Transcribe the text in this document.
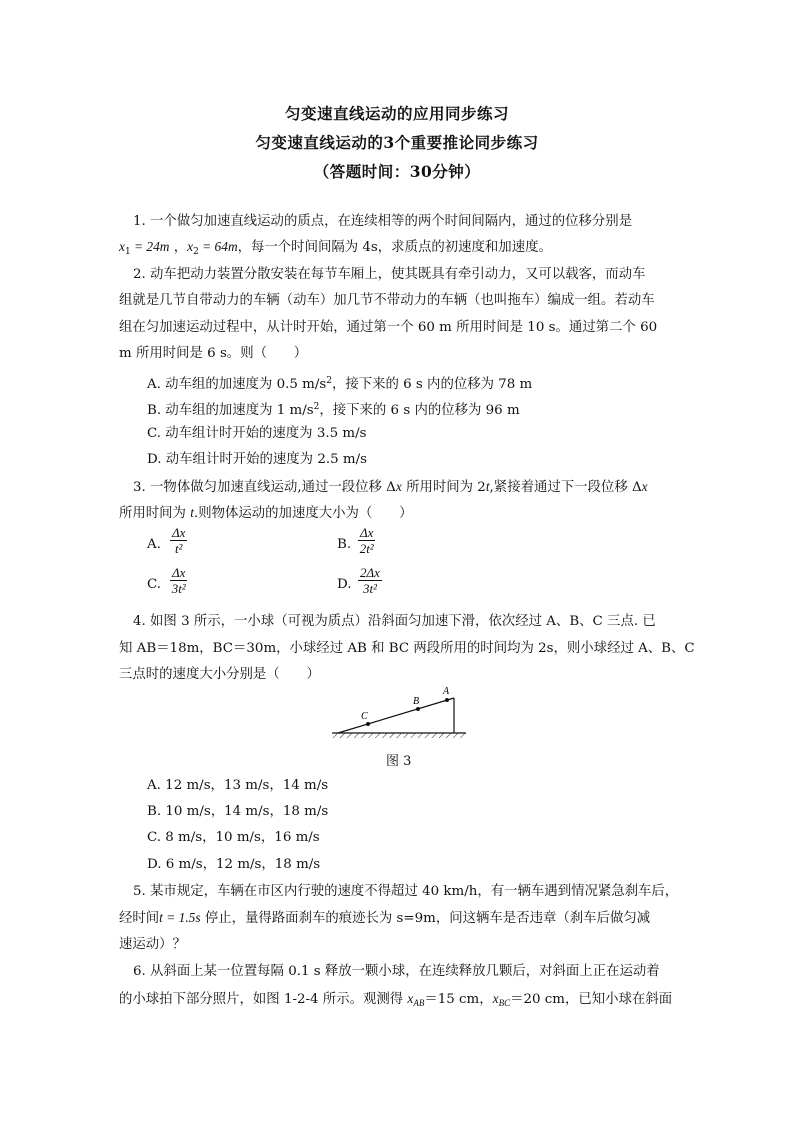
匀变速直线运动的应用同步练习
匀变速直线运动的3个重要推论同步练习
（答题时间：30分钟）
1. 一个做匀加速直线运动的质点，在连续相等的两个时间间隔内，通过的位移分别是
$x_1 = 24m$ ，$x_2 = 64m$，每一个时间间隔为 4s，求质点的初速度和加速度。
2. 动车把动力装置分散安装在每节车厢上，使其既具有牵引动力，又可以载客，而动车
组就是几节自带动力的车辆（动车）加几节不带动力的车辆（也叫拖车）编成一组。若动车
组在匀加速运动过程中，从计时开始，通过第一个 60 m 所用时间是 10 s。通过第二个 60
m 所用时间是 6 s。则（　　）
A. 动车组的加速度为 0.5 $m/s^2$，接下来的 6 s 内的位移为 78 m
B. 动车组的加速度为 1 $m/s^2$，接下来的 6 s 内的位移为 96 m
C. 动车组计时开始的速度为 3.5 m/s
D. 动车组计时开始的速度为 2.5 m/s
3. 一物体做匀加速直线运动,通过一段位移 Δx 所用时间为 2t,紧接着通过下一段位移 Δx
所用时间为 t.则物体运动的加速度大小为（　　）
A. $\frac{\Delta x}{\text{t²}}$	B. $\frac{\Delta x}{\text{2t²}}$
C. $\frac{\Delta x}{\text{3t²}}$	D. $\frac{2\Delta x}{\text{3t²}}$
4. 如图 3 所示，一小球（可视为质点）沿斜面匀加速下滑，依次经过 A、B、C 三点. 已
知 AB＝18m，BC＝30m，小球经过 AB 和 BC 两段所用的时间均为 2s，则小球经过 A、B、C
三点时的速度大小分别是（　　）
A
B
C
图 3
A. 12 m/s，13 m/s，14 m/s
B. 10 m/s，14 m/s，18 m/s
C. 8 m/s，10 m/s，16 m/s
D. 6 m/s，12 m/s，18 m/s
5. 某市规定，车辆在市区内行驶的速度不得超过 40 km/h，有一辆车遇到情况紧急刹车后，
经时间t = 1.5s 停止，量得路面刹车的痕迹长为 s=9m，问这辆车是否违章（刹车后做匀减
速运动）？
6. 从斜面上某一位置每隔 0.1 s 释放一颗小球，在连续释放几颗后，对斜面上正在运动着
的小球拍下部分照片，如图 1-2-4 所示。观测得 $x_{AB}=15$ cm，$x_{BC}=20$ cm，已知小球在斜面
